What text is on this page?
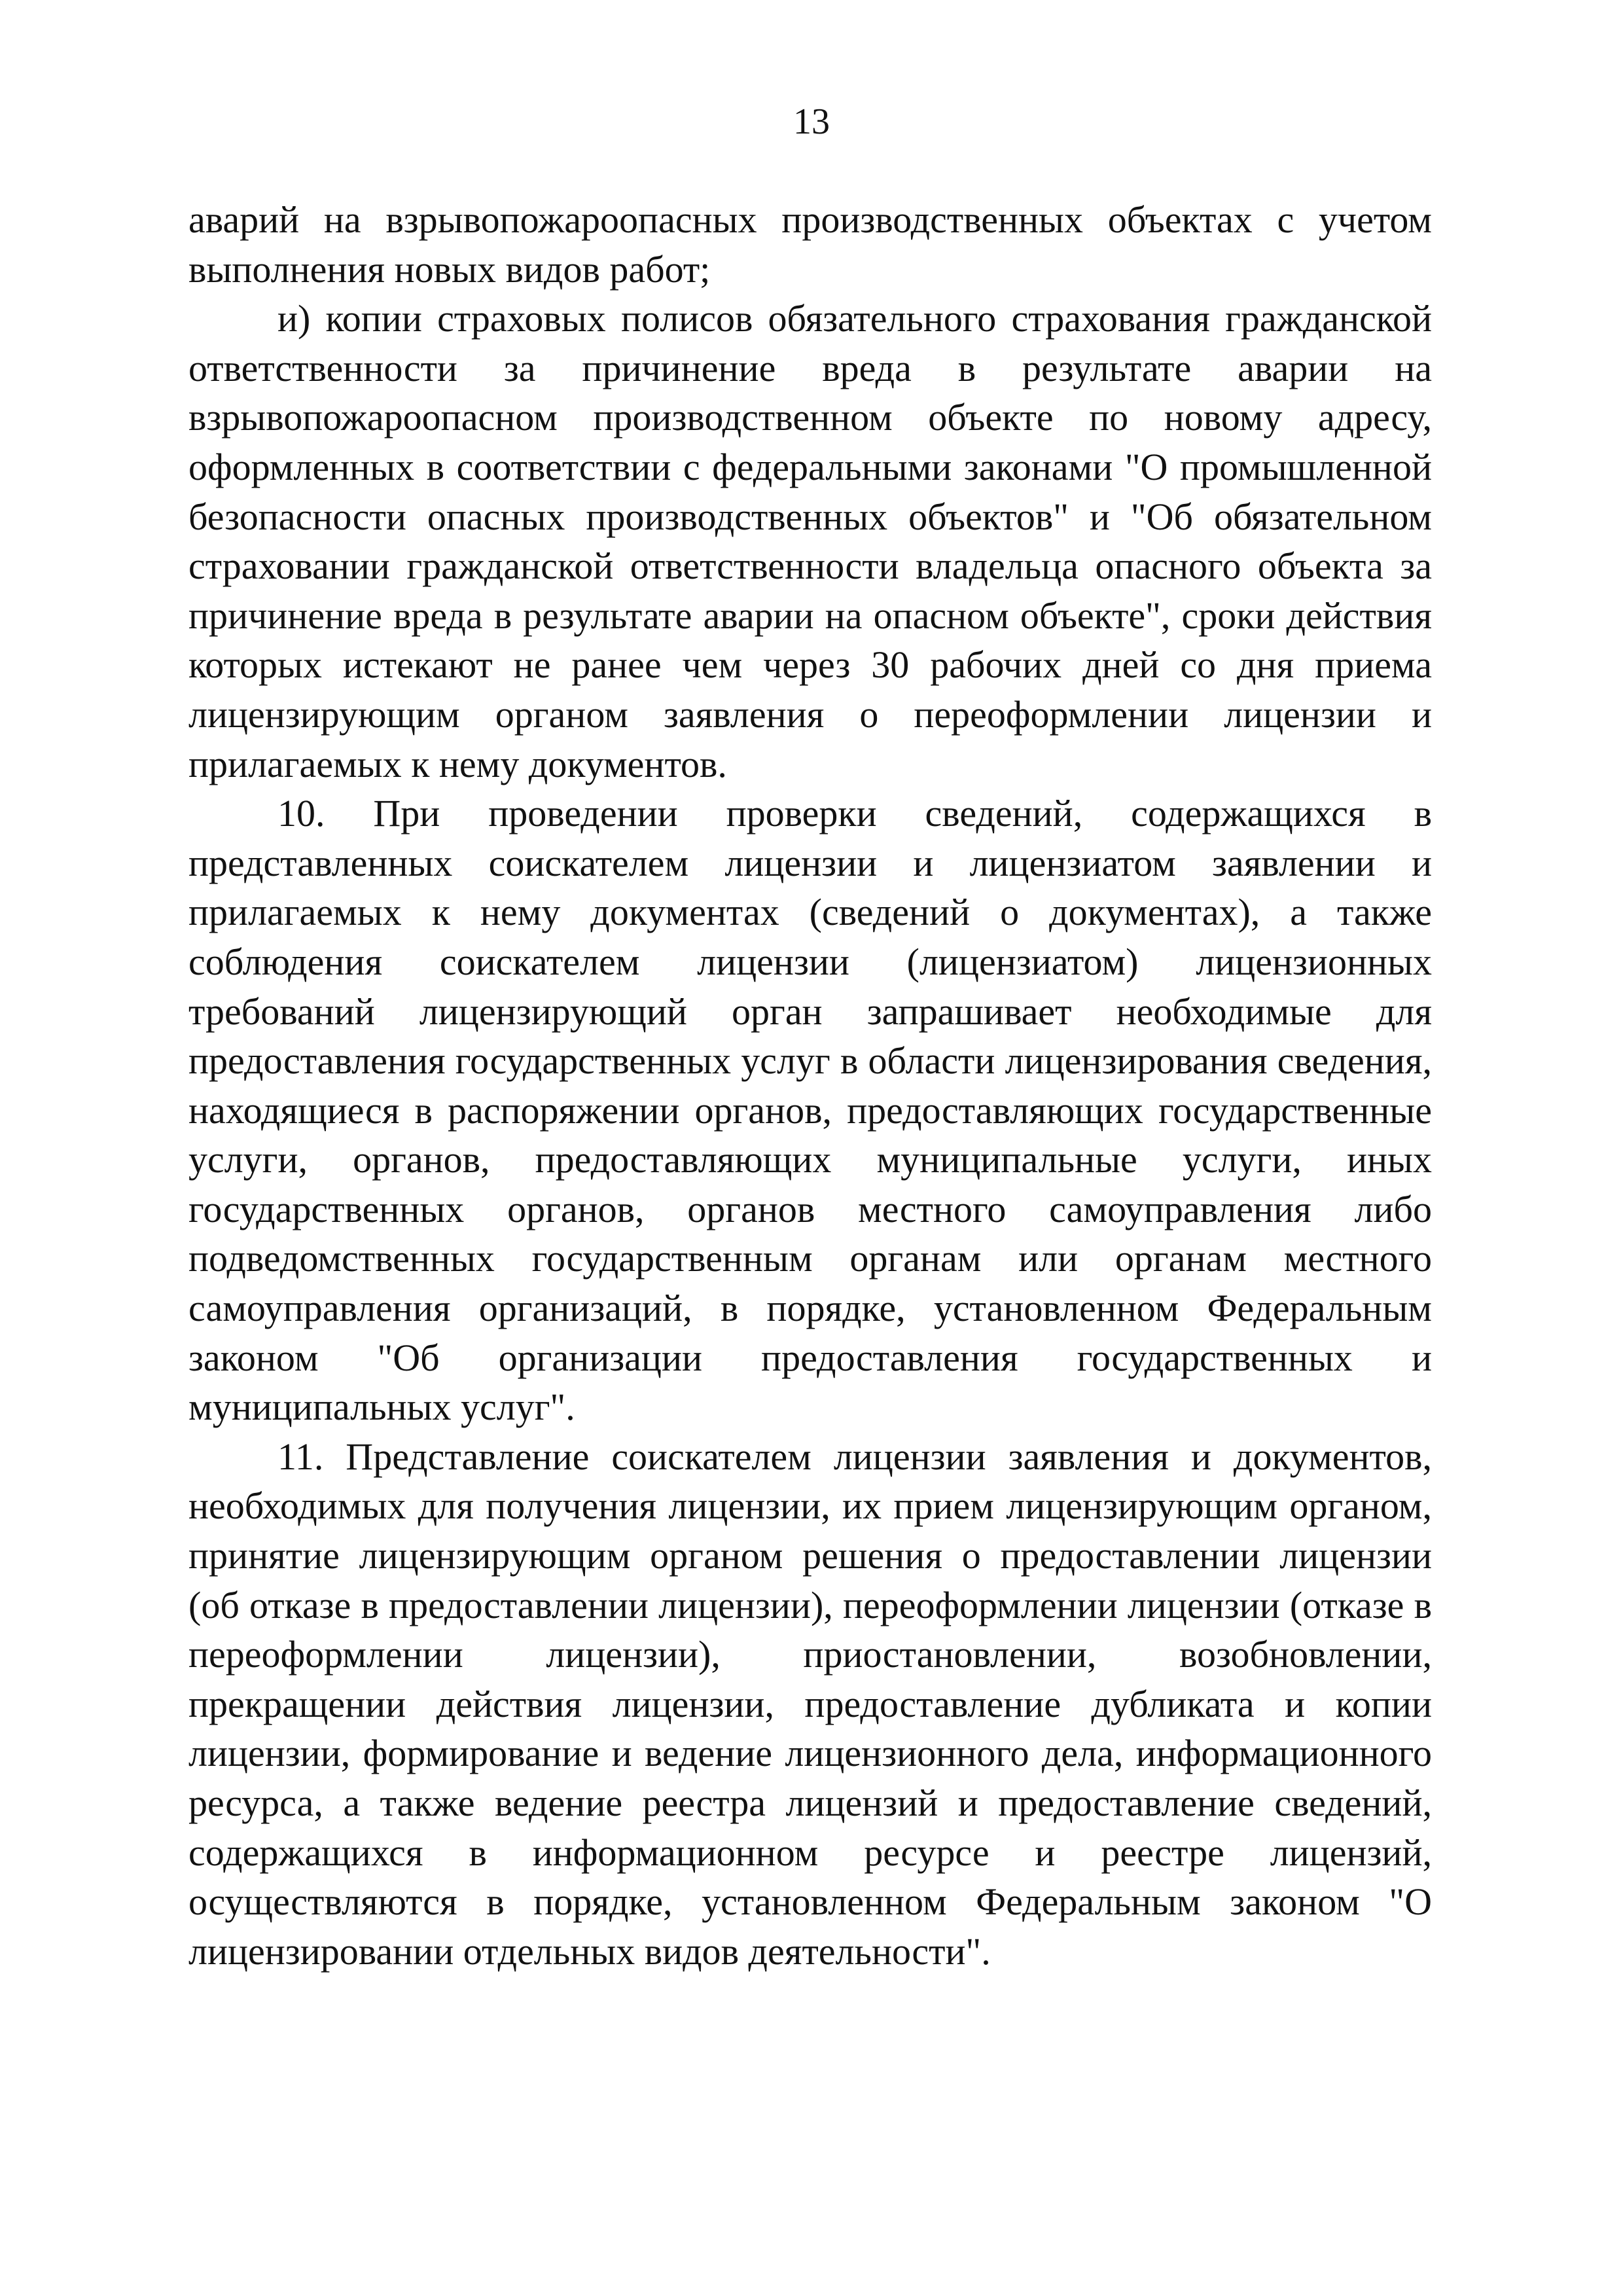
13

аварий на взрывопожароопасных производственных объектах с учетом выполнения новых видов работ;

и) копии страховых полисов обязательного страхования гражданской ответственности за причинение вреда в результате аварии на взрывопожароопасном производственном объекте по новому адресу, оформленных в соответствии с федеральными законами "О промышленной безопасности опасных производственных объектов" и "Об обязательном страховании гражданской ответственности владельца опасного объекта за причинение вреда в результате аварии на опасном объекте", сроки действия которых истекают не ранее чем через 30 рабочих дней со дня приема лицензирующим органом заявления о переоформлении лицензии и прилагаемых к нему документов.

10. При проведении проверки сведений, содержащихся в представленных соискателем лицензии и лицензиатом заявлении и прилагаемых к нему документах (сведений о документах), а также соблюдения соискателем лицензии (лицензиатом) лицензионных требований лицензирующий орган запрашивает необходимые для предоставления государственных услуг в области лицензирования сведения, находящиеся в распоряжении органов, предоставляющих государственные услуги, органов, предоставляющих муниципальные услуги, иных государственных органов, органов местного самоуправления либо подведомственных государственным органам или органам местного самоуправления организаций, в порядке, установленном Федеральным законом "Об организации предоставления государственных и муниципальных услуг".

11. Представление соискателем лицензии заявления и документов, необходимых для получения лицензии, их прием лицензирующим органом, принятие лицензирующим органом решения о предоставлении лицензии (об отказе в предоставлении лицензии), переоформлении лицензии (отказе в переоформлении лицензии), приостановлении, возобновлении, прекращении действия лицензии, предоставление дубликата и копии лицензии, формирование и ведение лицензионного дела, информационного ресурса, а также ведение реестра лицензий и предоставление сведений, содержащихся в информационном ресурсе и реестре лицензий, осуществляются в порядке, установленном Федеральным законом "О лицензировании отдельных видов деятельности".
